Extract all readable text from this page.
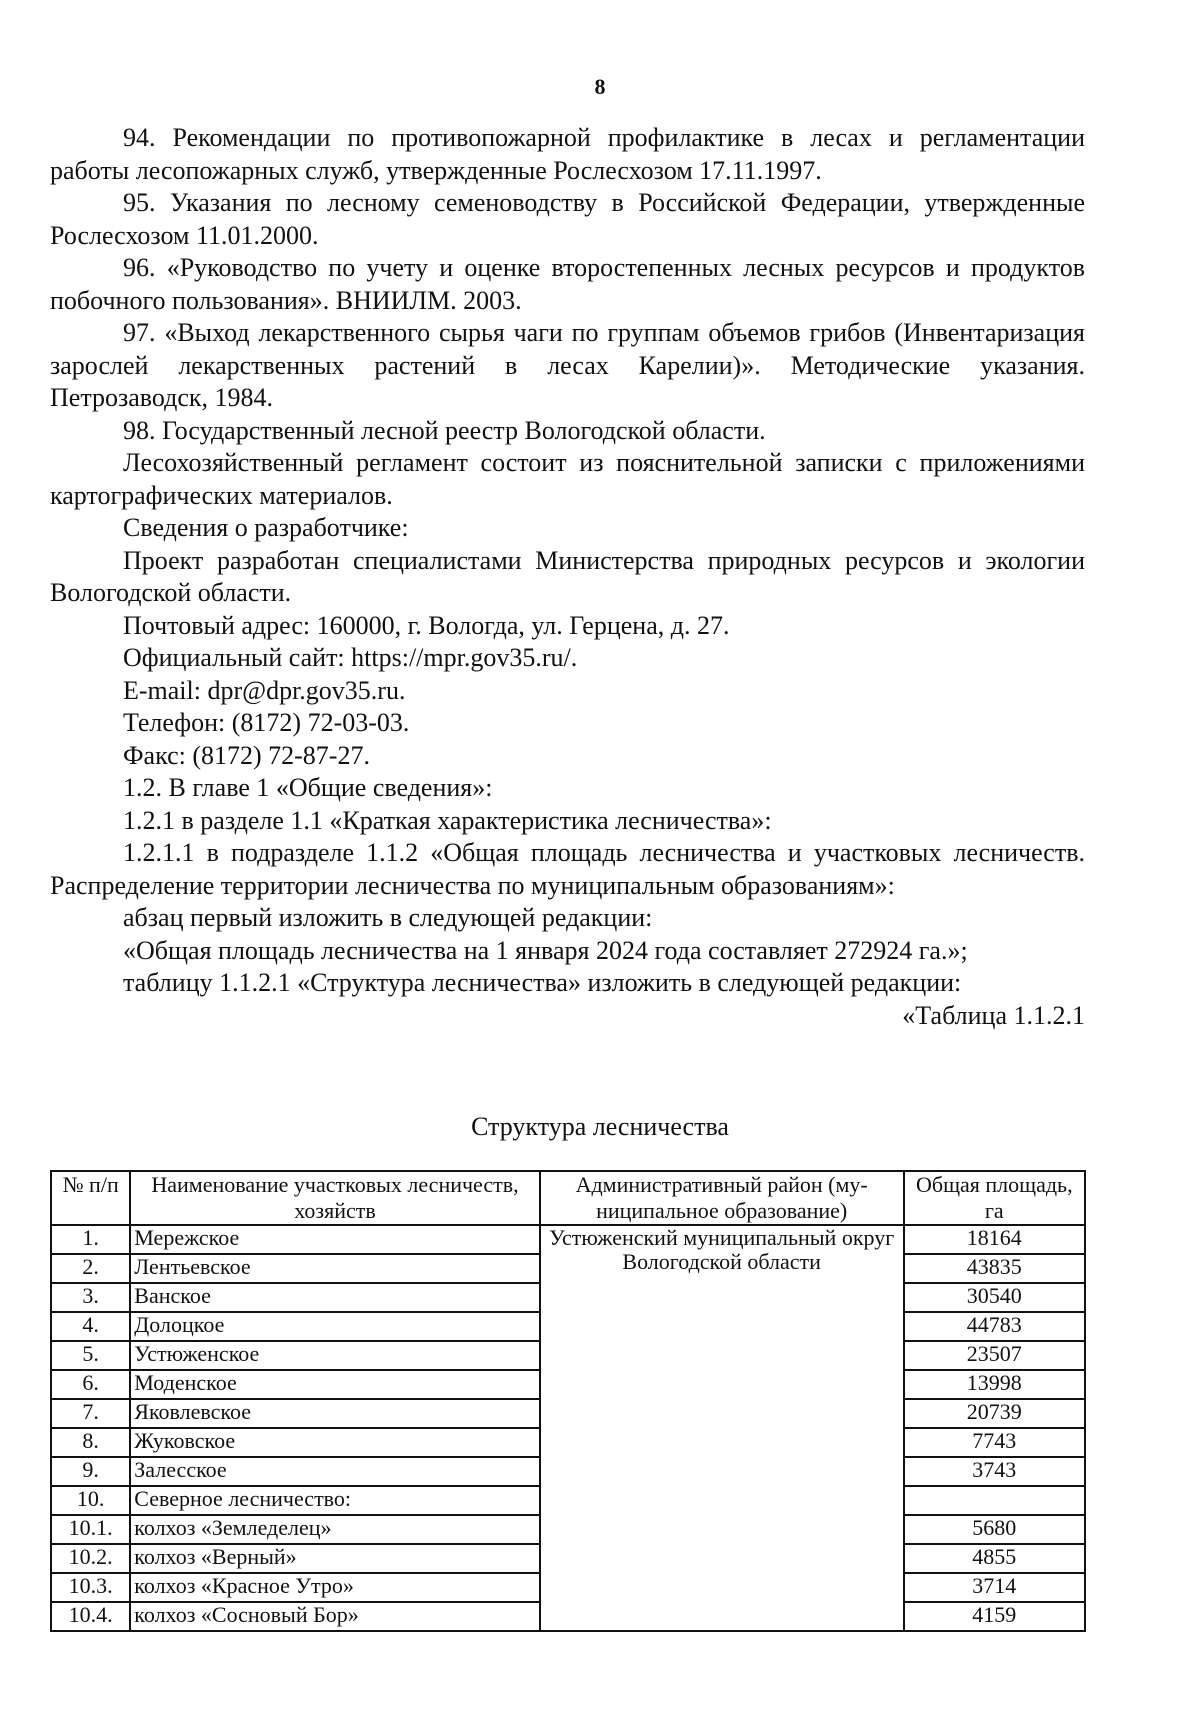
8

94. Рекомендации по противопожарной профилактике в лесах и регламентации работы лесопожарных служб, утвержденные Рослесхозом 17.11.1997.

95. Указания по лесному семеноводству в Российской Федерации, утвержденные Рослесхозом 11.01.2000.

96. «Руководство по учету и оценке второстепенных лесных ресурсов и продуктов побочного пользования». ВНИИЛМ. 2003.

97. «Выход лекарственного сырья чаги по группам объемов грибов (Инвентаризация зарослей лекарственных растений в лесах Карелии)». Методические указания. Петрозаводск, 1984.

98. Государственный лесной реестр Вологодской области.

Лесохозяйственный регламент состоит из пояснительной записки с приложениями картографических материалов.

Сведения о разработчике:

Проект разработан специалистами Министерства природных ресурсов и экологии Вологодской области.

Почтовый адрес: 160000, г. Вологда, ул. Герцена, д. 27.

Официальный сайт: https://mpr.gov35.ru/.

E-mail: dpr@dpr.gov35.ru.

Телефон: (8172) 72-03-03.

Факс: (8172) 72-87-27.

1.2. В главе 1 «Общие сведения»:

1.2.1 в разделе 1.1 «Краткая характеристика лесничества»:

1.2.1.1 в подразделе 1.1.2 «Общая площадь лесничества и участковых лесничеств. Распределение территории лесничества по муниципальным образованиям»:

абзац первый изложить в следующей редакции:

«Общая площадь лесничества на 1 января 2024 года составляет 272924 га.»;

таблицу 1.1.2.1 «Структура лесничества» изложить в следующей редакции:

«Таблица 1.1.2.1

Структура лесничества
№ п/п	Наименование участковых лесничеств, хозяйств	Административный район (му-ниципальное образование)	Общая площадь, га
1.	Мережское	Устюженский муниципальный округ Вологодской области	18164
2.	Лентьевское		43835
3.	Ванское		30540
4.	Долоцкое		44783
5.	Устюженское		23507
6.	Моденское		13998
7.	Яковлевское		20739
8.	Жуковское		7743
9.	Залесское		3743
10.	Северное лесничество:		
10.1.	колхоз «Земледелец»		5680
10.2.	колхоз «Верный»		4855
10.3.	колхоз «Красное Утро»		3714
10.4.	колхоз «Сосновый Бор»		4159
